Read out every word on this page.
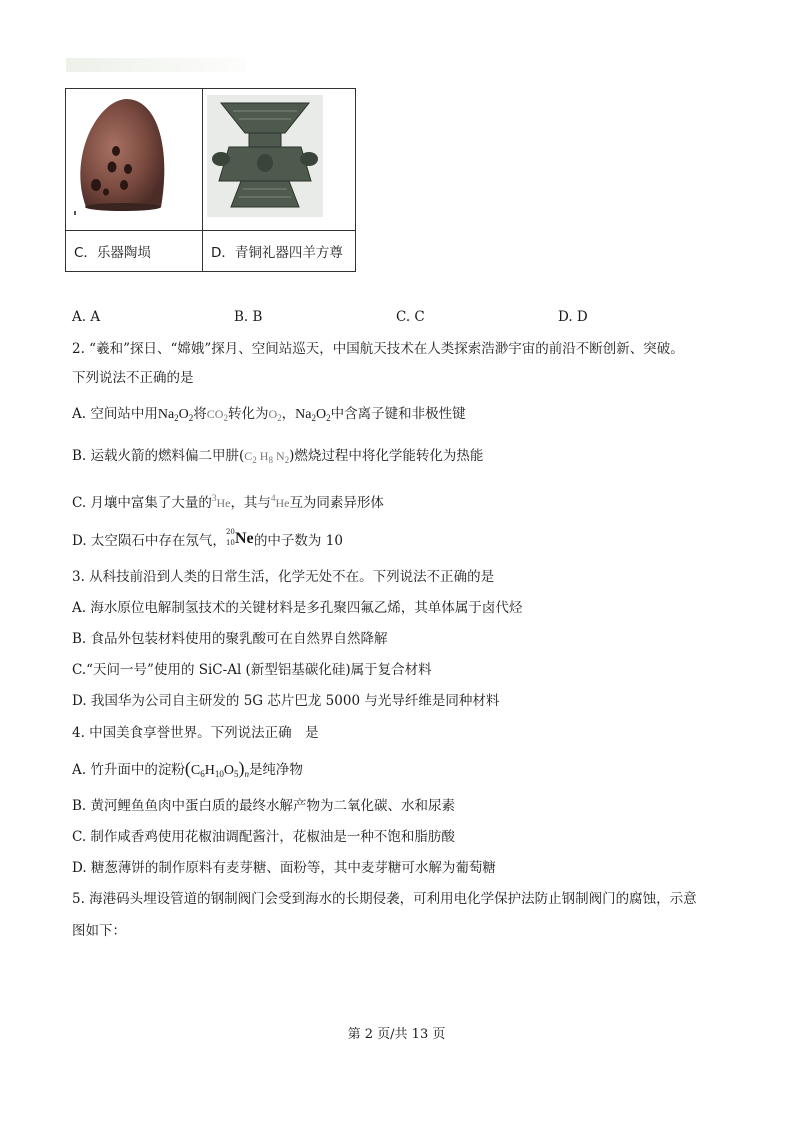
C．乐器陶埙	D．青铜礼器四羊方尊
A. A	B. B	C. C	D. D
2. “羲和”探日、“嫦娥”探月、空间站巡天，中国航天技术在人类探索浩渺宇宙的前沿不断创新、突破。
下列说法不正确的是
A. 空间站中用$Na_2O_2$将$CO_2$转化为$O_2$，$Na_2O_2$中含离子键和非极性键
B. 运载火箭的燃料偏二甲肼($C_2$ $H_8$ $N_2$)燃烧过程中将化学能转化为热能
C. 月壤中富集了大量的$^3$He，其与$^4$He互为同素异形体
D. 太空陨石中存在氖气，
20
10 Ne 的中子数为 10
3. 从科技前沿到人类的日常生活，化学无处不在。下列说法不正确的是
A. 海水原位电解制氢技术的关键材料是多孔聚四氟乙烯，其单体属于卤代烃
B. 食品外包装材料使用的聚乳酸可在自然界自然降解
C.“天问一号”使用的 SiC-Al (新型铝基碳化硅)属于复合材料
D. 我国华为公司自主研发的 5G 芯片巴龙 5000 与光导纤维是同种材料
4. 中国美食享誉世界。下列说法正确　是
A. 竹升面中的淀粉$(C_6H_{10}O_5)_n$是纯净物
B. 黄河鲤鱼鱼肉中蛋白质的最终水解产物为二氧化碳、水和尿素
C. 制作咸香鸡使用花椒油调配酱汁，花椒油是一种不饱和脂肪酸
D. 糖葱薄饼的制作原料有麦芽糖、面粉等，其中麦芽糖可水解为葡萄糖
5. 海港码头埋设管道的钢制阀门会受到海水的长期侵袭，可利用电化学保护法防止钢制阀门的腐蚀，示意
图如下：
第 2 页/共 13 页
